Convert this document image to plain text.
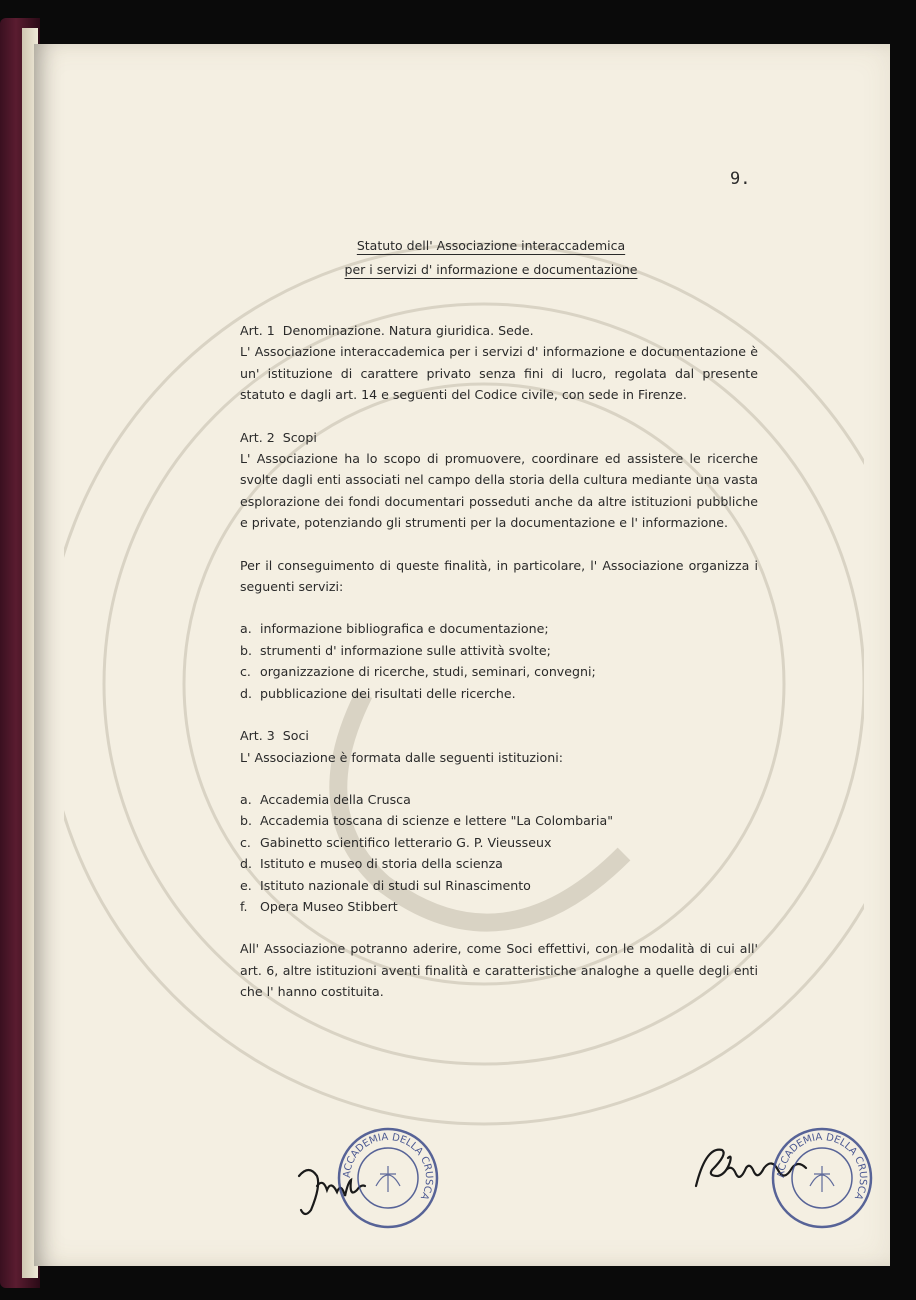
9.
Statuto dell' Associazione interaccademica
per i servizi d' informazione e documentazione
Art. 1  Denominazione. Natura giuridica. Sede.
L' Associazione interaccademica per i servizi d' informazione e documentazione è un' istituzione di carattere privato senza fini di lucro, regolata dal presente statuto e dagli art. 14 e seguenti del Codice civile, con sede in Firenze.
Art. 2  Scopi
L' Associazione ha lo scopo di promuovere, coordinare ed assistere le ricerche svolte dagli enti associati nel campo della storia della cultura mediante una vasta esplorazione dei fondi documentari posseduti anche da altre istituzioni pubbliche e private, potenziando gli strumenti per la documentazione e l' informazione.
Per il conseguimento di queste finalità, in particolare, l' Associazione organizza i seguenti servizi:
a. informazione bibliografica e documentazione;
b. strumenti d' informazione sulle attività svolte;
c. organizzazione di ricerche, studi, seminari, convegni;
d. pubblicazione dei risultati delle ricerche.
Art. 3  Soci
L' Associazione è formata dalle seguenti istituzioni:
a. Accademia della Crusca
b. Accademia toscana di scienze e lettere "La Colombaria"
c. Gabinetto scientifico letterario G. P. Vieusseux
d. Istituto e museo di storia della scienza
e. Istituto nazionale di studi sul Rinascimento
f. Opera Museo Stibbert
All' Associazione potranno aderire, come Soci effettivi, con le modalità di cui all' art. 6, altre istituzioni aventi finalità e caratteristiche analoghe a quelle degli enti che l' hanno costituita.
ACCADEMIA DELLA CRUSCA
ACCADEMIA DELLA CRUSCA
